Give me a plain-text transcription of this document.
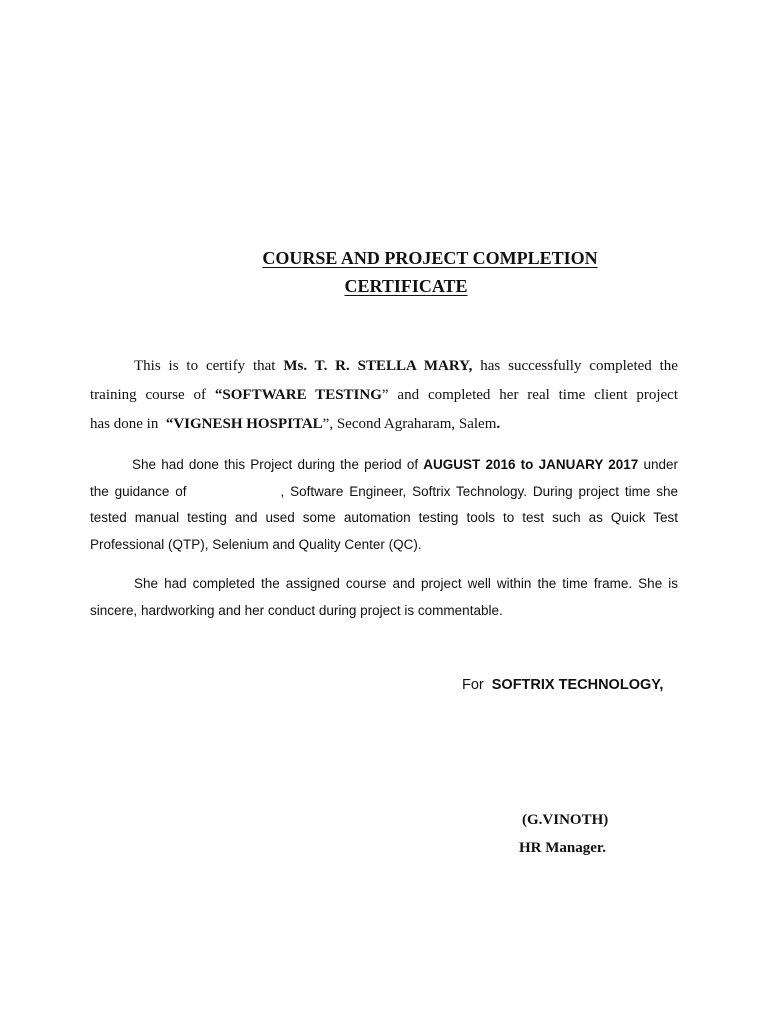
COURSE AND PROJECT COMPLETION
CERTIFICATE
This is to certify that Ms. T. R. STELLA MARY, has successfully completed the
training course of “SOFTWARE TESTING” and completed her real time client project
has done in  “VIGNESH HOSPITAL”, Second Agraharam, Salem.
She had done this Project during the period of AUGUST 2016 to JANUARY 2017 under
the guidance of	, Software Engineer, Softrix Technology. During project time she
tested manual testing and used some automation testing tools to test such as Quick Test
Professional (QTP), Selenium and Quality Center (QC).
She had completed the assigned course and project well within the time frame. She is
sincere, hardworking and her conduct during project is commentable.
For SOFTRIX TECHNOLOGY,
(G.VINOTH)
HR Manager.
